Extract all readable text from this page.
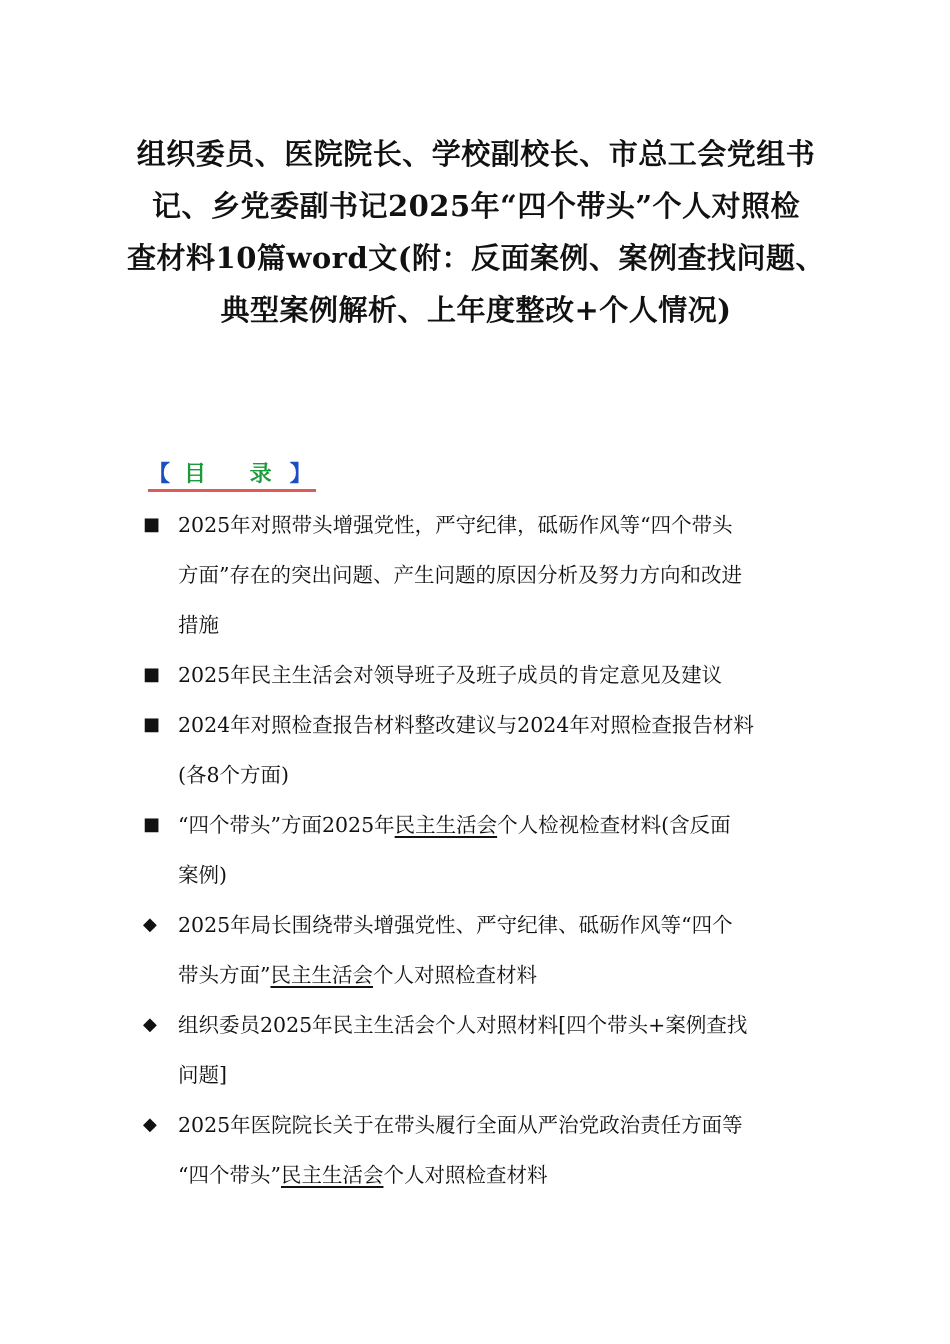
组织委员、医院院长、学校副校长、市总工会党组书
记、乡党委副书记2025年“四个带头”个人对照检
查材料10篇word文(附：反面案例、案例查找问题、
典型案例解析、上年度整改+个人情况)
【 目 录】
■ 2025年对照带头增强党性，严守纪律，砥砺作风等“四个带头
方面”存在的突出问题、产生问题的原因分析及努力方向和改进
措施
■ 2025年民主生活会对领导班子及班子成员的肯定意见及建议
■ 2024年对照检查报告材料整改建议与2024年对照检查报告材料
(各8个方面)
■ “四个带头”方面2025年民主生活会个人检视检查材料(含反面
案例)
◆	2025年局长围绕带头增强党性、严守纪律、砥砺作风等“四个
带头方面”民主生活会个人对照检查材料
◆	组织委员2025年民主生活会个人对照材料[四个带头+案例查找
问题]
◆	2025年医院院长关于在带头履行全面从严治党政治责任方面等
“四个带头”民主生活会个人对照检查材料
